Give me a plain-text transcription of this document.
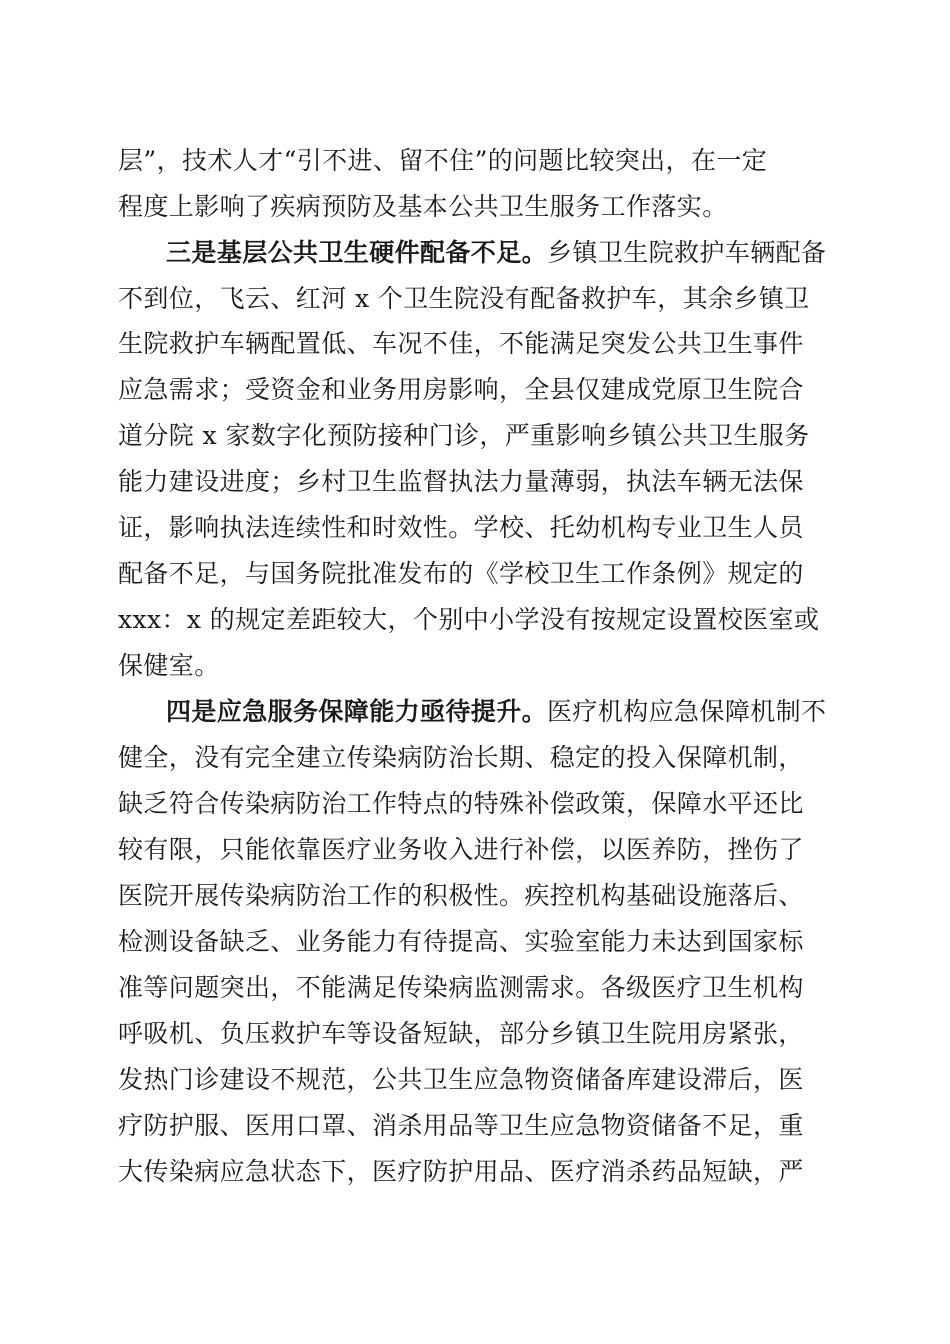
层”，技术人才“引不进、留不住”的问题比较突出，在一定
程度上影响了疾病预防及基本公共卫生服务工作落实。
三是基层公共卫生硬件配备不足。乡镇卫生院救护车辆配备
不到位，飞云、红河 x 个卫生院没有配备救护车，其余乡镇卫
生院救护车辆配置低、车况不佳，不能满足突发公共卫生事件
应急需求；受资金和业务用房影响，全县仅建成党原卫生院合
道分院 x 家数字化预防接种门诊，严重影响乡镇公共卫生服务
能力建设进度；乡村卫生监督执法力量薄弱，执法车辆无法保
证，影响执法连续性和时效性。学校、托幼机构专业卫生人员
配备不足，与国务院批准发布的《学校卫生工作条例》规定的
xxx：x 的规定差距较大，个别中小学没有按规定设置校医室或
保健室。
四是应急服务保障能力亟待提升。医疗机构应急保障机制不
健全，没有完全建立传染病防治长期、稳定的投入保障机制，
缺乏符合传染病防治工作特点的特殊补偿政策，保障水平还比
较有限，只能依靠医疗业务收入进行补偿，以医养防，挫伤了
医院开展传染病防治工作的积极性。疾控机构基础设施落后、
检测设备缺乏、业务能力有待提高、实验室能力未达到国家标
准等问题突出，不能满足传染病监测需求。各级医疗卫生机构
呼吸机、负压救护车等设备短缺，部分乡镇卫生院用房紧张，
发热门诊建设不规范，公共卫生应急物资储备库建设滞后，医
疗防护服、医用口罩、消杀用品等卫生应急物资储备不足，重
大传染病应急状态下，医疗防护用品、医疗消杀药品短缺，严
